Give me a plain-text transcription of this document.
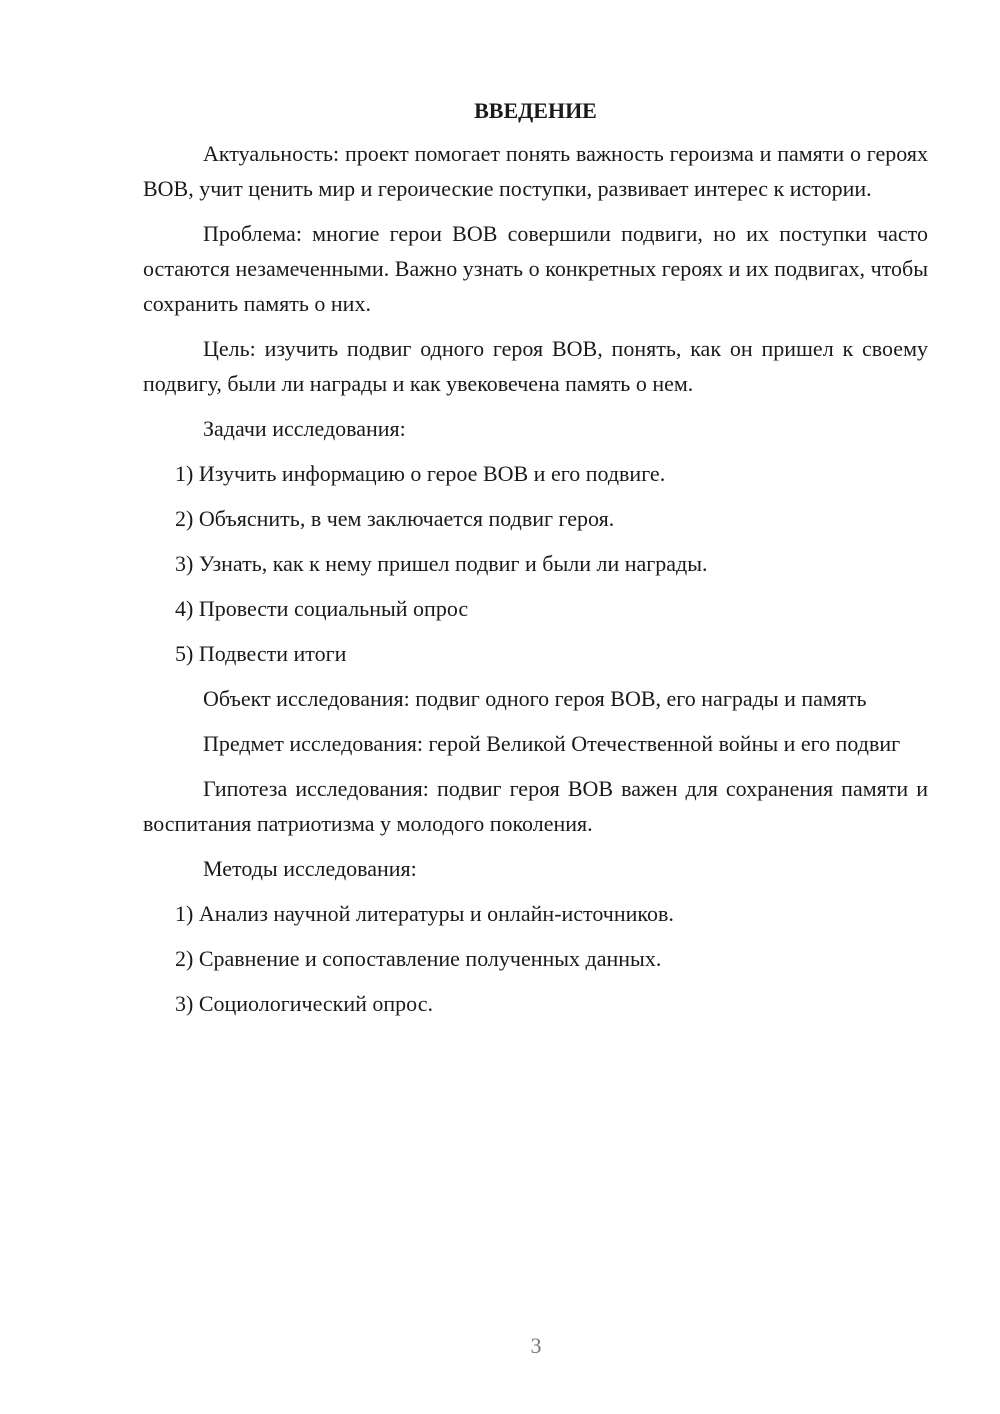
ВВЕДЕНИЕ

Актуальность: проект помогает понять важность героизма и памяти о героях ВОВ, учит ценить мир и героические поступки, развивает интерес к истории.

Проблема: многие герои ВОВ совершили подвиги, но их поступки часто остаются незамеченными. Важно узнать о конкретных героях и их подвигах, чтобы сохранить память о них.

Цель: изучить подвиг одного героя ВОВ, понять, как он пришел к своему подвигу, были ли награды и как увековечена память о нем.

Задачи исследования:
1) Изучить информацию о герое ВОВ и его подвиге.
2) Объяснить, в чем заключается подвиг героя.
3) Узнать, как к нему пришел подвиг и были ли награды.
4) Провести социальный опрос
5) Подвести итоги

Объект исследования: подвиг одного героя ВОВ, его награды и память

Предмет исследования: герой Великой Отечественной войны и его подвиг

Гипотеза исследования: подвиг героя ВОВ важен для сохранения памяти и воспитания патриотизма у молодого поколения.

Методы исследования:
1) Анализ научной литературы и онлайн-источников.
2) Сравнение и сопоставление полученных данных.
3) Социологический опрос.
3
